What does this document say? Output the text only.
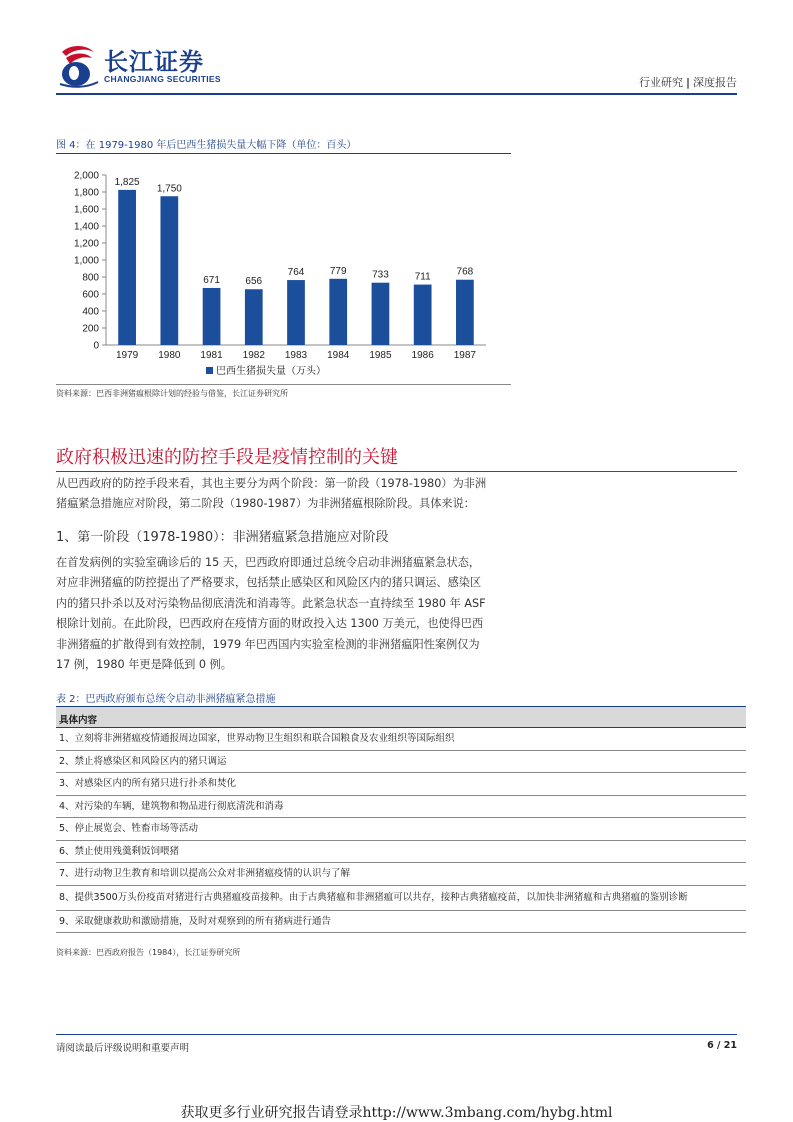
长江证券
CHANGJIANG SECURITIES	行业研究 | 深度报告
图 4：在 1979-1980 年后巴西生猪损失量大幅下降（单位：百头）
0
200
400
600
800
1,000
1,200
1,400
1,600
1,800
2,000
1,825
1979
1,750
1980
671
1981
656
1982
764
1983
779
1984
733
1985
711
1986
768
1987
巴西生猪损失量（万头）
资料来源：巴西非洲猪瘟根除计划的经验与借鉴，长江证券研究所
政府积极迅速的防控手段是疫情控制的关键
从巴西政府的防控手段来看，其也主要分为两个阶段：第一阶段（1978-1980）为非洲
猪瘟紧急措施应对阶段，第二阶段（1980-1987）为非洲猪瘟根除阶段。具体来说：
1、第一阶段（1978-1980）：非洲猪瘟紧急措施应对阶段
在首发病例的实验室确诊后的 15 天，巴西政府即通过总统令启动非洲猪瘟紧急状态，
对应非洲猪瘟的防控提出了严格要求，包括禁止感染区和风险区内的猪只调运、感染区
内的猪只扑杀以及对污染物品彻底清洗和消毒等。此紧急状态一直持续至 1980 年 ASF
根除计划前。在此阶段，巴西政府在疫情方面的财政投入达 1300 万美元，也使得巴西
非洲猪瘟的扩散得到有效控制，1979 年巴西国内实验室检测的非洲猪瘟阳性案例仅为
17 例，1980 年更是降低到 0 例。
表 2：巴西政府颁布总统令启动非洲猪瘟紧急措施
具体内容
1、立刻将非洲猪瘟疫情通报周边国家，世界动物卫生组织和联合国粮食及农业组织等国际组织
2、禁止将感染区和风险区内的猪只调运
3、对感染区内的所有猪只进行扑杀和焚化
4、对污染的车辆，建筑物和物品进行彻底清洗和消毒
5、停止展览会、牲畜市场等活动
6、禁止使用残羹剩饭饲喂猪
7、进行动物卫生教育和培训以提高公众对非洲猪瘟疫情的认识与了解
8、提供3500万头份疫苗对猪进行古典猪瘟疫苗接种。由于古典猪瘟和非洲猪瘟可以共存，接种古典猪瘟疫苗，以加快非洲猪瘟和古典猪瘟的鉴别诊断
9、采取健康救助和激励措施，及时对观察到的所有猪病进行通告
资料来源：巴西政府报告（1984），长江证券研究所
请阅读最后评级说明和重要声明	6 / 21
获取更多行业研究报告请登录http://www.3mbang.com/hybg.html
